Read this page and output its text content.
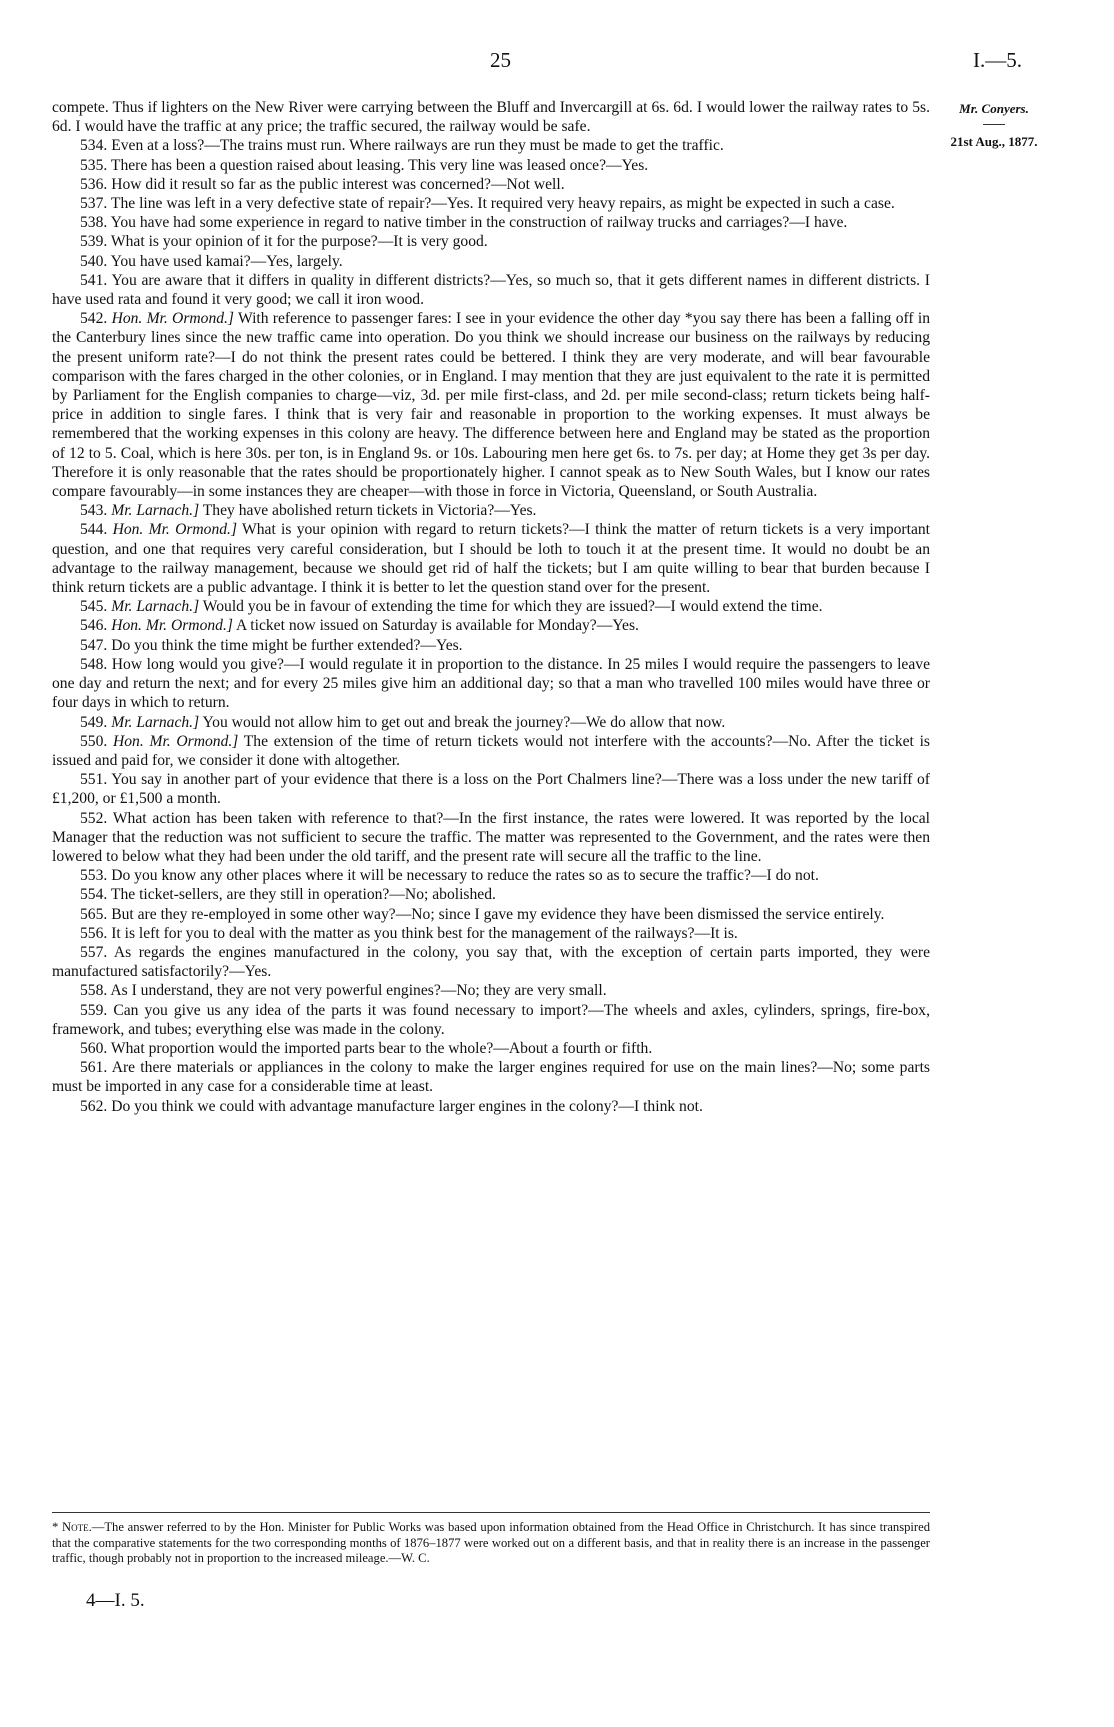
25	I.—5.
Mr. Conyers.
21st Aug., 1877.

compete. Thus if lighters on the New River were carrying between the Bluff and Invercargill at 6s. 6d. I would lower the railway rates to 5s. 6d. I would have the traffic at any price; the traffic secured, the railway would be safe.

534. Even at a loss?—The trains must run. Where railways are run they must be made to get the traffic.

535. There has been a question raised about leasing. This very line was leased once?—Yes.

536. How did it result so far as the public interest was concerned?—Not well.

537. The line was left in a very defective state of repair?—Yes. It required very heavy repairs, as might be expected in such a case.

538. You have had some experience in regard to native timber in the construction of railway trucks and carriages?—I have.

539. What is your opinion of it for the purpose?—It is very good.

540. You have used kamai?—Yes, largely.

541. You are aware that it differs in quality in different districts?—Yes, so much so, that it gets different names in different districts. I have used rata and found it very good; we call it iron wood.

542. Hon. Mr. Ormond.] With reference to passenger fares: I see in your evidence the other day *you say there has been a falling off in the Canterbury lines since the new traffic came into operation. Do you think we should increase our business on the railways by reducing the present uniform rate?—I do not think the present rates could be bettered. I think they are very moderate, and will bear favourable comparison with the fares charged in the other colonies, or in England. I may mention that they are just equivalent to the rate it is permitted by Parliament for the English companies to charge—viz, 3d. per mile first-class, and 2d. per mile second-class; return tickets being half-price in addition to single fares. I think that is very fair and reasonable in proportion to the working expenses. It must always be remembered that the working expenses in this colony are heavy. The difference between here and England may be stated as the proportion of 12 to 5. Coal, which is here 30s. per ton, is in England 9s. or 10s. Labouring men here get 6s. to 7s. per day; at Home they get 3s per day. Therefore it is only reasonable that the rates should be proportionately higher. I cannot speak as to New South Wales, but I know our rates compare favourably—in some instances they are cheaper—with those in force in Victoria, Queensland, or South Australia.

543. Mr. Larnach.] They have abolished return tickets in Victoria?—Yes.

544. Hon. Mr. Ormond.] What is your opinion with regard to return tickets?—I think the matter of return tickets is a very important question, and one that requires very careful consideration, but I should be loth to touch it at the present time. It would no doubt be an advantage to the railway management, because we should get rid of half the tickets; but I am quite willing to bear that burden because I think return tickets are a public advantage. I think it is better to let the question stand over for the present.

545. Mr. Larnach.] Would you be in favour of extending the time for which they are issued?—I would extend the time.

546. Hon. Mr. Ormond.] A ticket now issued on Saturday is available for Monday?—Yes.

547. Do you think the time might be further extended?—Yes.

548. How long would you give?—I would regulate it in proportion to the distance. In 25 miles I would require the passengers to leave one day and return the next; and for every 25 miles give him an additional day; so that a man who travelled 100 miles would have three or four days in which to return.

549. Mr. Larnach.] You would not allow him to get out and break the journey?—We do allow that now.

550. Hon. Mr. Ormond.] The extension of the time of return tickets would not interfere with the accounts?—No. After the ticket is issued and paid for, we consider it done with altogether.

551. You say in another part of your evidence that there is a loss on the Port Chalmers line?—There was a loss under the new tariff of £1,200, or £1,500 a month.

552. What action has been taken with reference to that?—In the first instance, the rates were lowered. It was reported by the local Manager that the reduction was not sufficient to secure the traffic. The matter was represented to the Government, and the rates were then lowered to below what they had been under the old tariff, and the present rate will secure all the traffic to the line.

553. Do you know any other places where it will be necessary to reduce the rates so as to secure the traffic?—I do not.

554. The ticket-sellers, are they still in operation?—No; abolished.

565. But are they re-employed in some other way?—No; since I gave my evidence they have been dismissed the service entirely.

556. It is left for you to deal with the matter as you think best for the management of the railways?—It is.

557. As regards the engines manufactured in the colony, you say that, with the exception of certain parts imported, they were manufactured satisfactorily?—Yes.

558. As I understand, they are not very powerful engines?—No; they are very small.

559. Can you give us any idea of the parts it was found necessary to import?—The wheels and axles, cylinders, springs, fire-box, framework, and tubes; everything else was made in the colony.

560. What proportion would the imported parts bear to the whole?—About a fourth or fifth.

561. Are there materials or appliances in the colony to make the larger engines required for use on the main lines?—No; some parts must be imported in any case for a considerable time at least.

562. Do you think we could with advantage manufacture larger engines in the colony?—I think not.

* Note.—The answer referred to by the Hon. Minister for Public Works was based upon information obtained from the Head Office in Christchurch. It has since transpired that the comparative statements for the two corresponding months of 1876–1877 were worked out on a different basis, and that in reality there is an increase in the passenger traffic, though probably not in proportion to the increased mileage.—W. C.
4—I. 5.
